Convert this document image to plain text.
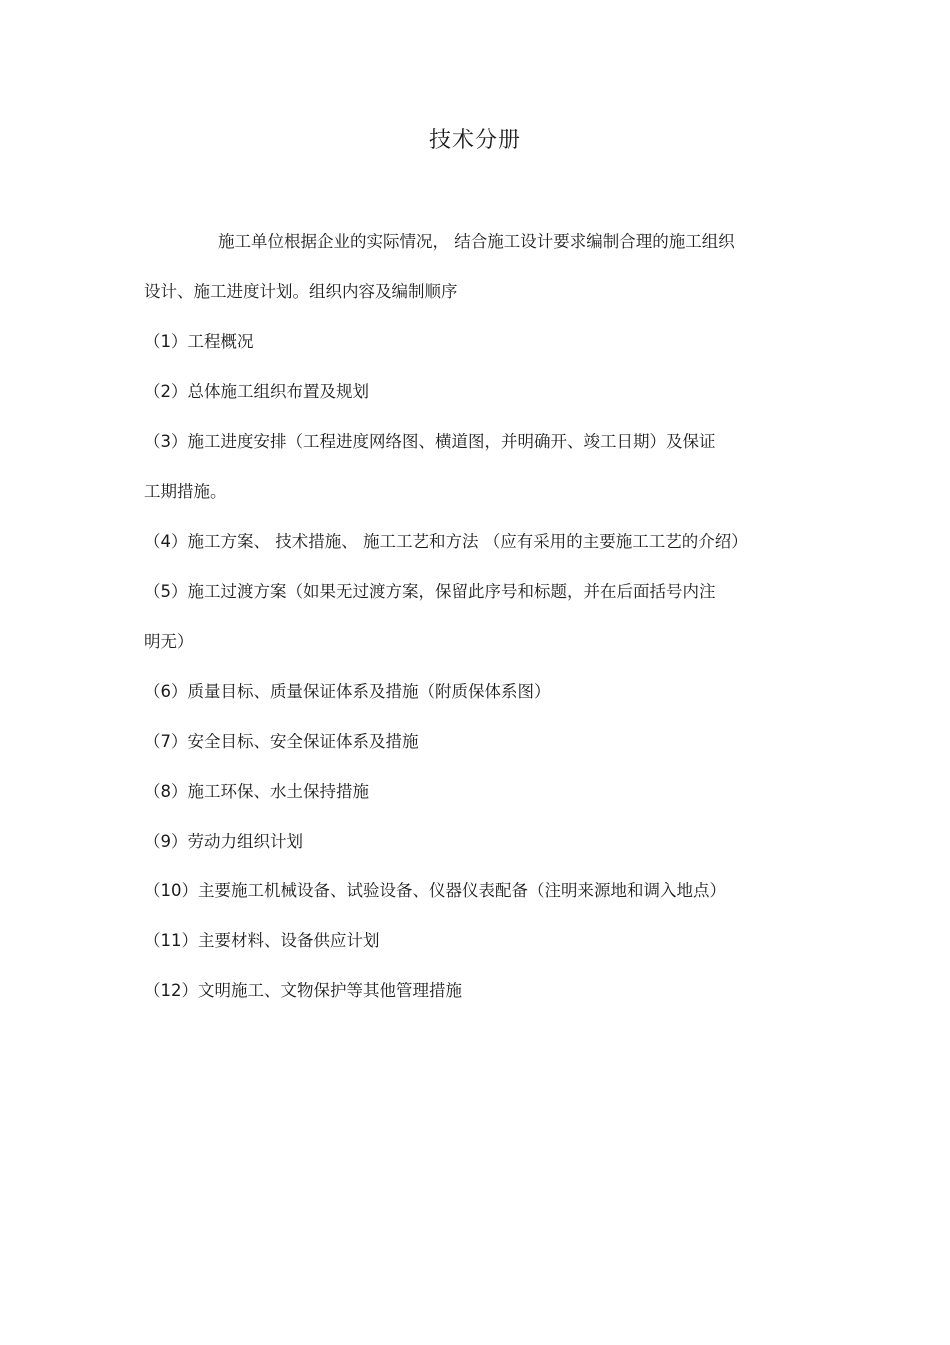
技术分册
施工单位根据企业的实际情况， 结合施工设计要求编制合理的施工组织
设计、施工进度计划。组织内容及编制顺序
（1）工程概况
（2）总体施工组织布置及规划
（3）施工进度安排（工程进度网络图、横道图，并明确开、竣工日期）及保证
工期措施。
（4）施工方案、 技术措施、 施工工艺和方法 （应有采用的主要施工工艺的介绍）
（5）施工过渡方案（如果无过渡方案，保留此序号和标题，并在后面括号内注
明无）
（6）质量目标、质量保证体系及措施（附质保体系图）
（7）安全目标、安全保证体系及措施
（8）施工环保、水土保持措施
（9）劳动力组织计划
（10）主要施工机械设备、试验设备、仪器仪表配备（注明来源地和调入地点）
（11）主要材料、设备供应计划
（12）文明施工、文物保护等其他管理措施
